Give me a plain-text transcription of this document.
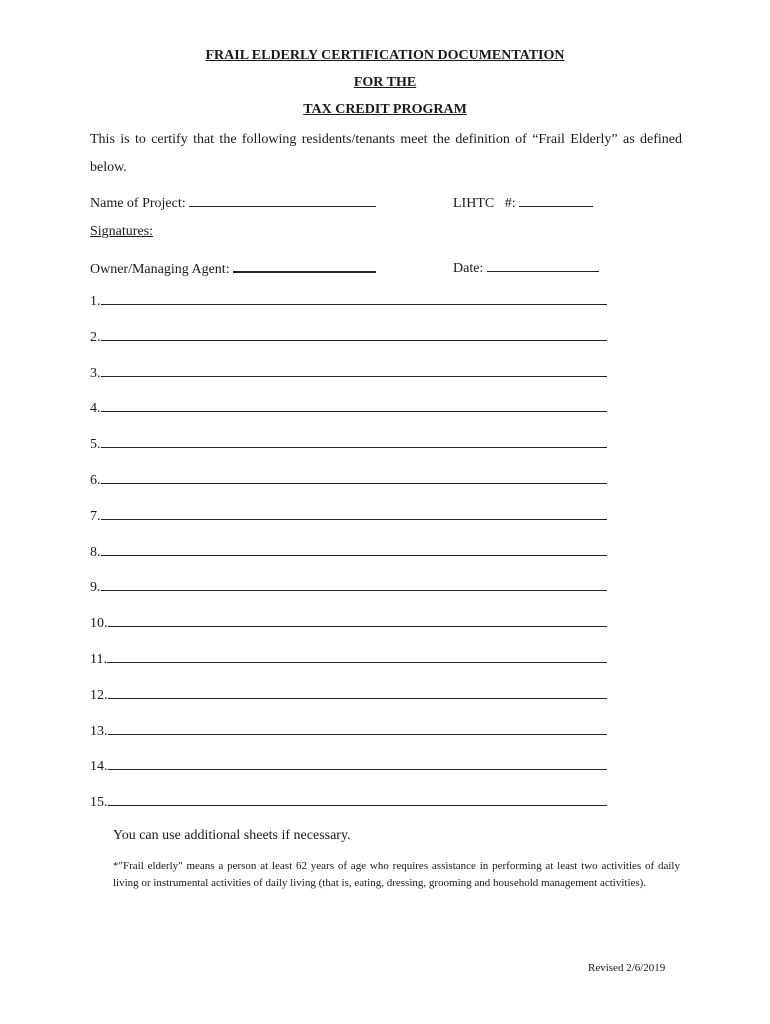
FRAIL ELDERLY CERTIFICATION DOCUMENTATION
FOR THE
TAX CREDIT PROGRAM
This is to certify that the following residents/tenants meet the definition of “Frail Elderly” as defined below.
Name of Project:	LIHTC   #:
Signatures:
Owner/Managing Agent:	Date:
1.
2.
3.
4.
5.
6.
7.
8.
9.
10.
11.
12.
13.
14.
15.
You can use additional sheets if necessary.
*"Frail elderly" means a person at least 62 years of age who requires assistance in performing at least two activities of daily living or instrumental activities of daily living (that is, eating, dressing, grooming and household management activities).
Revised 2/6/2019
